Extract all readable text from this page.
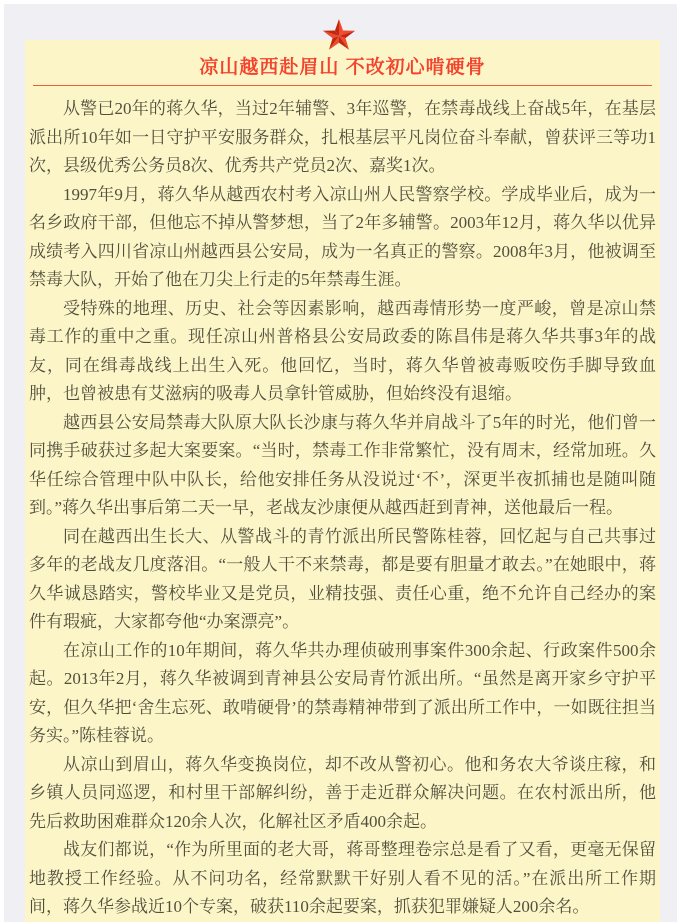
凉山越西赴眉山 不改初心啃硬骨

从警已20年的蒋久华，当过2年辅警、3年巡警，在禁毒战线上奋战5年，在基层派出所10年如一日守护平安服务群众，扎根基层平凡岗位奋斗奉献，曾获评三等功1次，县级优秀公务员8次、优秀共产党员2次、嘉奖1次。

1997年9月，蒋久华从越西农村考入凉山州人民警察学校。学成毕业后，成为一名乡政府干部，但他忘不掉从警梦想，当了2年多辅警。2003年12月，蒋久华以优异成绩考入四川省凉山州越西县公安局，成为一名真正的警察。2008年3月，他被调至禁毒大队，开始了他在刀尖上行走的5年禁毒生涯。

受特殊的地理、历史、社会等因素影响，越西毒情形势一度严峻，曾是凉山禁毒工作的重中之重。现任凉山州普格县公安局政委的陈昌伟是蒋久华共事3年的战友，同在缉毒战线上出生入死。他回忆，当时，蒋久华曾被毒贩咬伤手脚导致血肿，也曾被患有艾滋病的吸毒人员拿针管威胁，但始终没有退缩。

越西县公安局禁毒大队原大队长沙康与蒋久华并肩战斗了5年的时光，他们曾一同携手破获过多起大案要案。“当时，禁毒工作非常繁忙，没有周末，经常加班。久华任综合管理中队中队长，给他安排任务从没说过‘不’，深更半夜抓捕也是随叫随到。”蒋久华出事后第二天一早，老战友沙康便从越西赶到青神，送他最后一程。

同在越西出生长大、从警战斗的青竹派出所民警陈桂蓉，回忆起与自己共事过多年的老战友几度落泪。“一般人干不来禁毒，都是要有胆量才敢去。”在她眼中，蒋久华诚恳踏实，警校毕业又是党员，业精技强、责任心重，绝不允许自己经办的案件有瑕疵，大家都夸他“办案漂亮”。

在凉山工作的10年期间，蒋久华共办理侦破刑事案件300余起、行政案件500余起。2013年2月，蒋久华被调到青神县公安局青竹派出所。“虽然是离开家乡守护平安，但久华把‘舍生忘死、敢啃硬骨’的禁毒精神带到了派出所工作中，一如既往担当务实。”陈桂蓉说。

从凉山到眉山，蒋久华变换岗位，却不改从警初心。他和务农大爷谈庄稼，和乡镇人员同巡逻，和村里干部解纠纷，善于走近群众解决问题。在农村派出所，他先后救助困难群众120余人次，化解社区矛盾400余起。

战友们都说，“作为所里面的老大哥，蒋哥整理卷宗总是看了又看，更毫无保留地教授工作经验。从不问功名，经常默默干好别人看不见的活。”在派出所工作期间，蒋久华参战近10个专案，破获110余起要案，抓获犯罪嫌疑人200余名。
